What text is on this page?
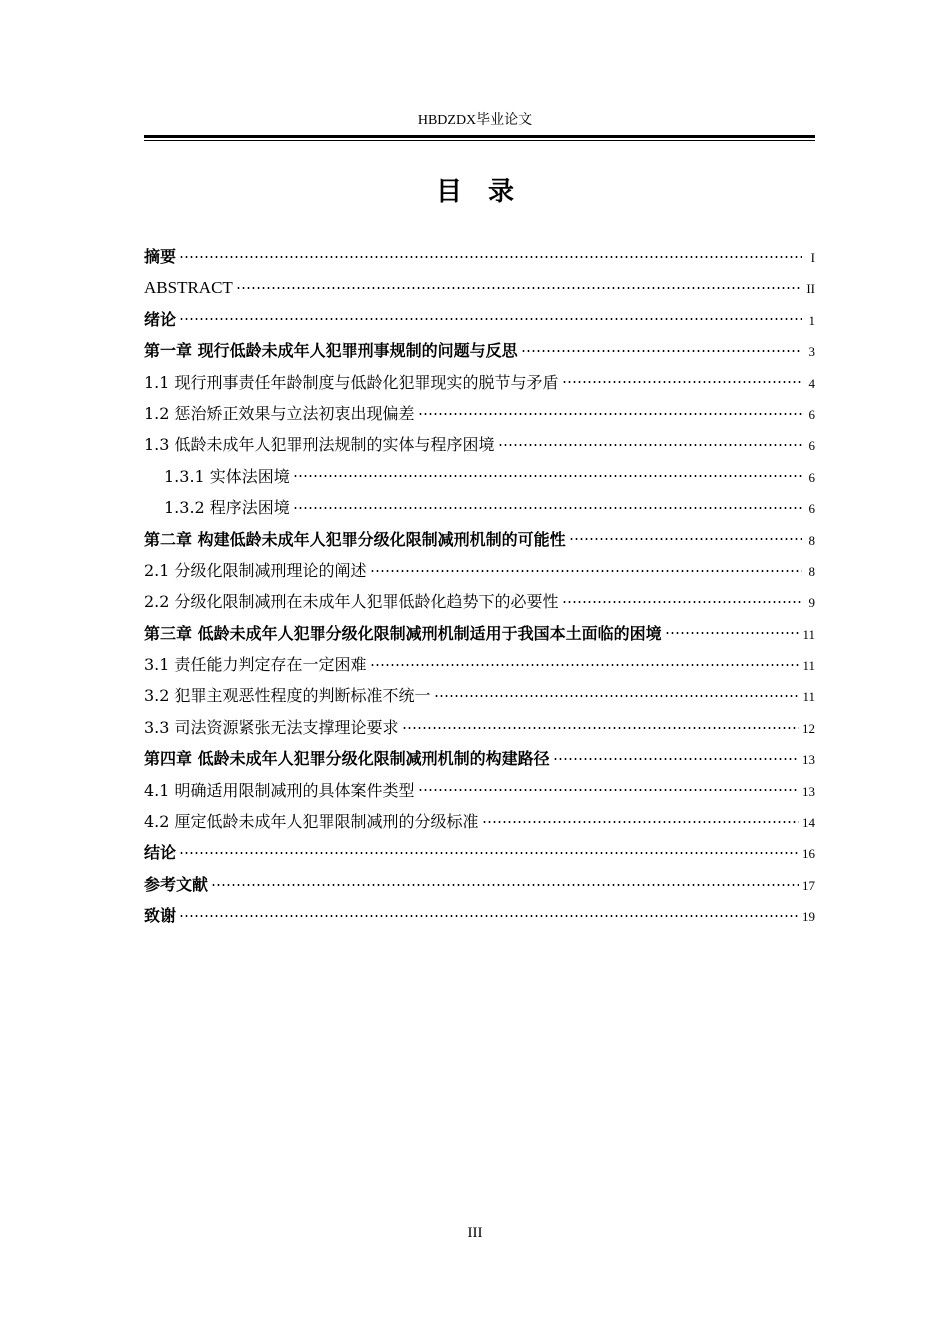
HBDZDX毕业论文
目录
摘要	I
ABSTRACT	II
绪论	1
第一章 现行低龄未成年人犯罪刑事规制的问题与反思	3
1.1 现行刑事责任年龄制度与低龄化犯罪现实的脱节与矛盾	4
1.2 惩治矫正效果与立法初衷出现偏差	6
1.3 低龄未成年人犯罪刑法规制的实体与程序困境	6
1.3.1 实体法困境	6
1.3.2 程序法困境	6
第二章 构建低龄未成年人犯罪分级化限制减刑机制的可能性	8
2.1 分级化限制减刑理论的阐述	8
2.2 分级化限制减刑在未成年人犯罪低龄化趋势下的必要性	9
第三章 低龄未成年人犯罪分级化限制减刑机制适用于我国本土面临的困境	11
3.1 责任能力判定存在一定困难	11
3.2 犯罪主观恶性程度的判断标准不统一	11
3.3 司法资源紧张无法支撑理论要求	12
第四章 低龄未成年人犯罪分级化限制减刑机制的构建路径	13
4.1 明确适用限制减刑的具体案件类型	13
4.2 厘定低龄未成年人犯罪限制减刑的分级标准	14
结论	16
参考文献	17
致谢	19
III
